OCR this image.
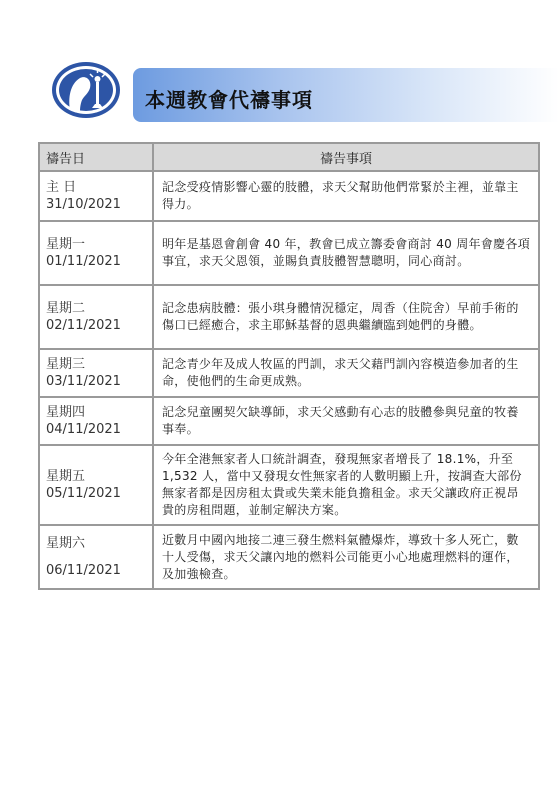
本週教會代禱事項
禱告日	禱告事項

主 日
31/10/2021	記念受疫情影響心靈的肢體，求天父幫助他們常緊於主裡，並靠主得力。

星期一
01/11/2021	明年是基恩會創會 40 年，教會已成立籌委會商討 40 周年會慶各項事宜，求天父恩領，並賜負責肢體智慧聰明，同心商討。

星期二
02/11/2021	記念患病肢體：張小琪身體情況穩定，周香（住院舍）早前手術的傷口已經癒合，求主耶穌基督的恩典繼續臨到她們的身體。

星期三
03/11/2021	記念青少年及成人牧區的門訓，求天父藉門訓內容模造參加者的生命，使他們的生命更成熟。

星期四
04/11/2021	記念兒童團契欠缺導師，求天父感動有心志的肢體參與兒童的牧養事奉。

星期五
05/11/2021	今年全港無家者人口統計調查，發現無家者增長了 18.1%，升至 1,532 人，當中又發現女性無家者的人數明顯上升，按調查大部份無家者都是因房租太貴或失業未能負擔租金。求天父讓政府正視昂貴的房租問題，並制定解決方案。

星期六
06/11/2021	近數月中國內地接二連三發生燃料氣體爆炸，導致十多人死亡，數十人受傷，求天父讓內地的燃料公司能更小心地處理燃料的運作，及加強檢查。
